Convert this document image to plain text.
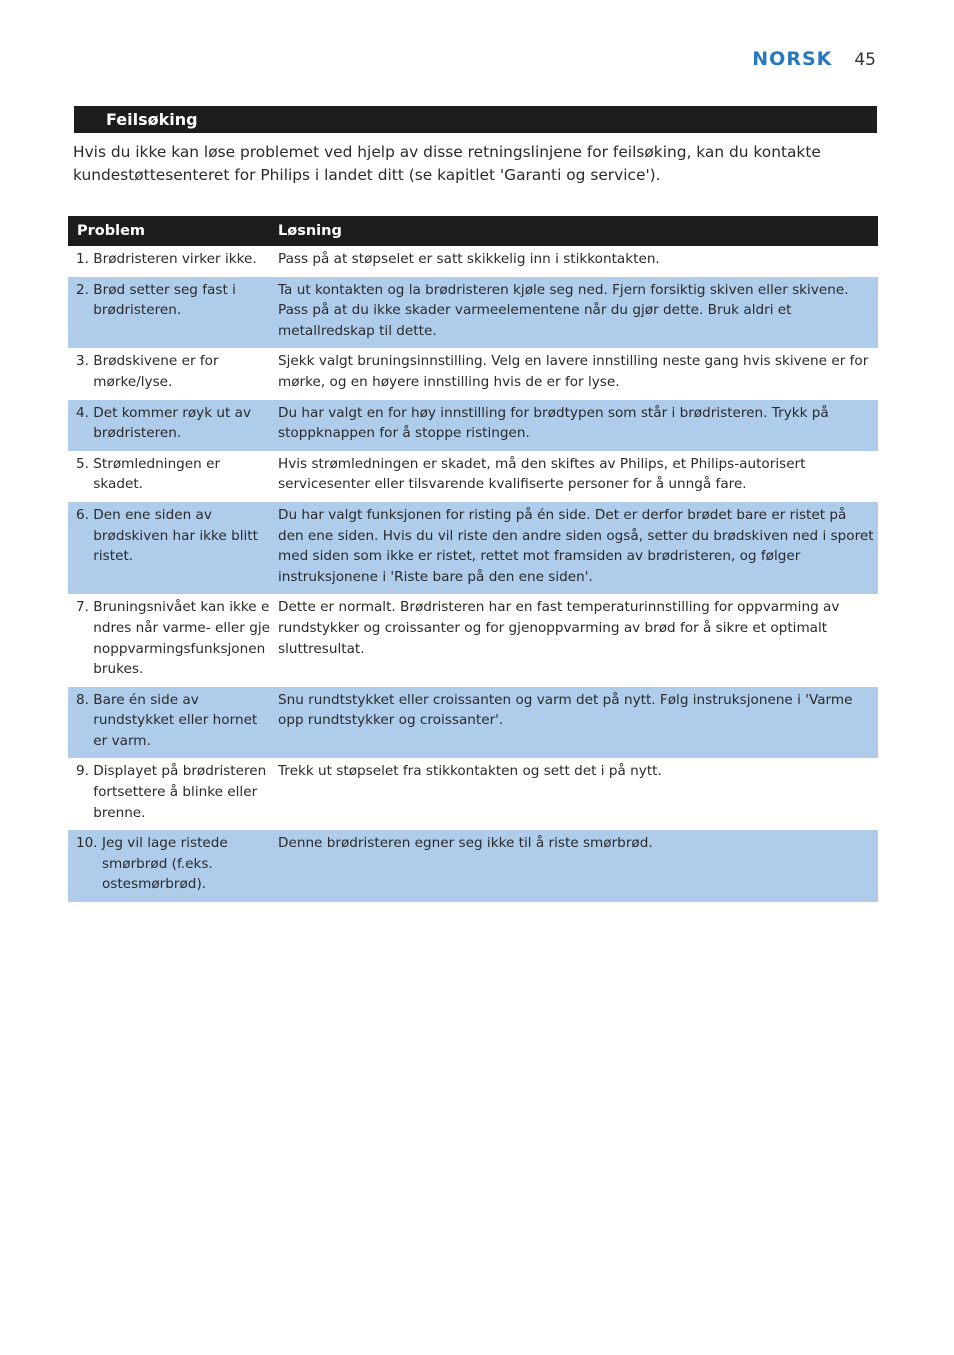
NORSK 45
Feilsøking

Hvis du ikke kan løse problemet ved hjelp av disse retningslinjene for feilsøking, kan du kontakte kundestøttesenteret for Philips i landet ditt (se kapitlet 'Garanti og service').

Problem	Løsning

1. Brødristeren virker ikke.	Pass på at støpselet er satt skikkelig inn i stikkontakten.

2. Brød setter seg fast i brødristeren.	Ta ut kontakten og la brødristeren kjøle seg ned. Fjern forsiktig skiven eller skivene. Pass på at du ikke skader varmeelementene når du gjør dette. Bruk aldri et metallredskap til dette.

3. Brødskivene er for mørke/lyse.	Sjekk valgt bruningsinnstilling. Velg en lavere innstilling neste gang hvis skivene er for mørke, og en høyere innstilling hvis de er for lyse.

4. Det kommer røyk ut av brødristeren.	Du har valgt en for høy innstilling for brødtypen som står i brødristeren. Trykk på stoppknappen for å stoppe ristingen.

5. Strømledningen er skadet.	Hvis strømledningen er skadet, må den skiftes av Philips, et Philips-autorisert servicesenter eller tilsvarende kvalifiserte personer for å unngå fare.

6. Den ene siden av brødskiven har ikke blitt ristet.	Du har valgt funksjonen for risting på én side. Det er derfor brødet bare er ristet på den ene siden. Hvis du vil riste den andre siden også, setter du brødskiven ned i sporet med siden som ikke er ristet, rettet mot framsiden av brødristeren, og følger instruksjonene i 'Riste bare på den ene siden'.

7. Bruningsnivået kan ikke endres når varme- eller gjenoppvarmingsfunksjonen brukes.	Dette er normalt. Brødristeren har en fast temperaturinnstilling for oppvarming av rundstykker og croissanter og for gjenoppvarming av brød for å sikre et optimalt sluttresultat.

8. Bare én side av rundstykket eller hornet er varm.	Snu rundtstykket eller croissanten og varm det på nytt. Følg instruksjonene i 'Varme opp rundtstykker og croissanter'.

9. Displayet på brødristeren fortsettere å blinke eller brenne.	Trekk ut støpselet fra stikkontakten og sett det i på nytt.

10. Jeg vil lage ristede smørbrød (f.eks. ostesmørbrød).	Denne brødristeren egner seg ikke til å riste smørbrød.
